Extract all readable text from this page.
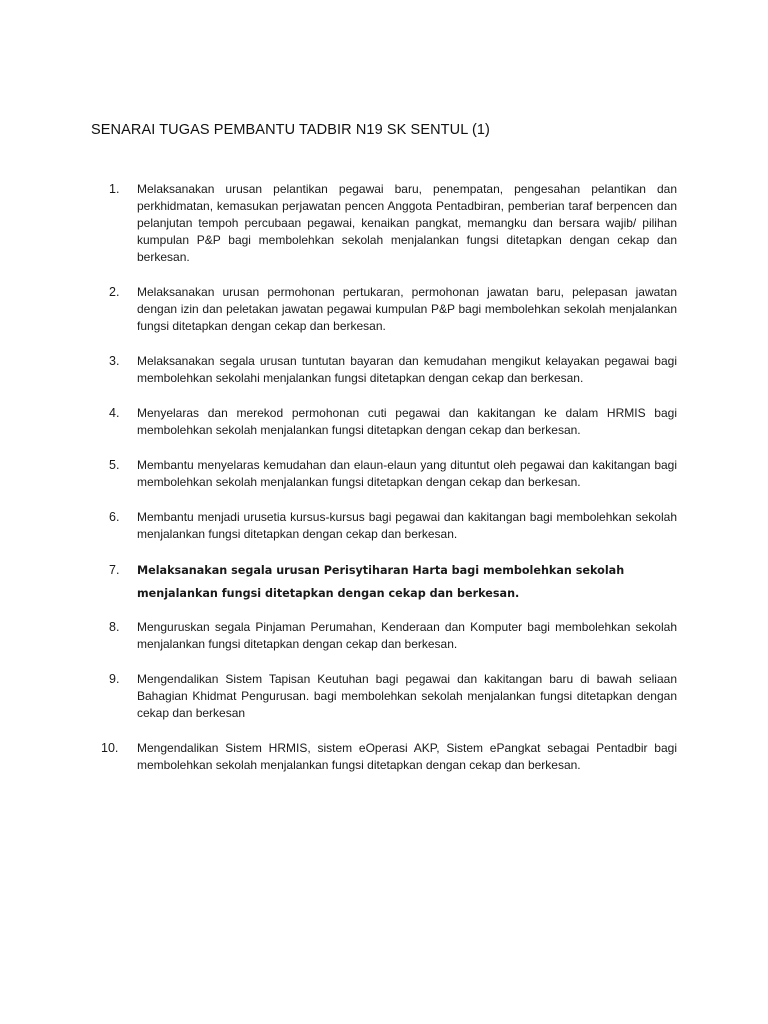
SENARAI TUGAS PEMBANTU TADBIR N19 SK SENTUL (1)
1. Melaksanakan urusan pelantikan pegawai baru, penempatan, pengesahan pelantikan dan perkhidmatan, kemasukan perjawatan pencen Anggota Pentadbiran, pemberian taraf berpencen dan pelanjutan tempoh percubaan pegawai, kenaikan pangkat, memangku dan bersara wajib/ pilihan kumpulan P&P bagi membolehkan sekolah menjalankan fungsi ditetapkan dengan cekap dan berkesan.
2. Melaksanakan urusan permohonan pertukaran, permohonan jawatan baru, pelepasan jawatan dengan izin dan peletakan jawatan pegawai kumpulan P&P bagi membolehkan sekolah menjalankan fungsi ditetapkan dengan cekap dan berkesan.
3. Melaksanakan segala urusan tuntutan bayaran dan kemudahan mengikut kelayakan pegawai bagi membolehkan sekolahi menjalankan fungsi ditetapkan dengan cekap dan berkesan.
4. Menyelaras dan merekod permohonan cuti pegawai dan kakitangan ke dalam HRMIS bagi membolehkan sekolah menjalankan fungsi ditetapkan dengan cekap dan berkesan.
5. Membantu menyelaras kemudahan dan elaun-elaun yang dituntut oleh pegawai dan kakitangan bagi membolehkan sekolah menjalankan fungsi ditetapkan dengan cekap dan berkesan.
6. Membantu menjadi urusetia kursus-kursus bagi pegawai dan kakitangan bagi membolehkan sekolah menjalankan fungsi ditetapkan dengan cekap dan berkesan.
7. Melaksanakan segala urusan Perisytiharan Harta bagi membolehkan sekolah menjalankan fungsi ditetapkan dengan cekap dan berkesan.
8. Menguruskan segala Pinjaman Perumahan, Kenderaan dan Komputer bagi membolehkan sekolah menjalankan fungsi ditetapkan dengan cekap dan berkesan.
9. Mengendalikan Sistem Tapisan Keutuhan bagi pegawai dan kakitangan baru di bawah seliaan Bahagian Khidmat Pengurusan. bagi membolehkan sekolah menjalankan fungsi ditetapkan dengan cekap dan berkesan
10. Mengendalikan Sistem HRMIS, sistem eOperasi AKP, Sistem ePangkat sebagai Pentadbir bagi membolehkan sekolah menjalankan fungsi ditetapkan dengan cekap dan berkesan.
